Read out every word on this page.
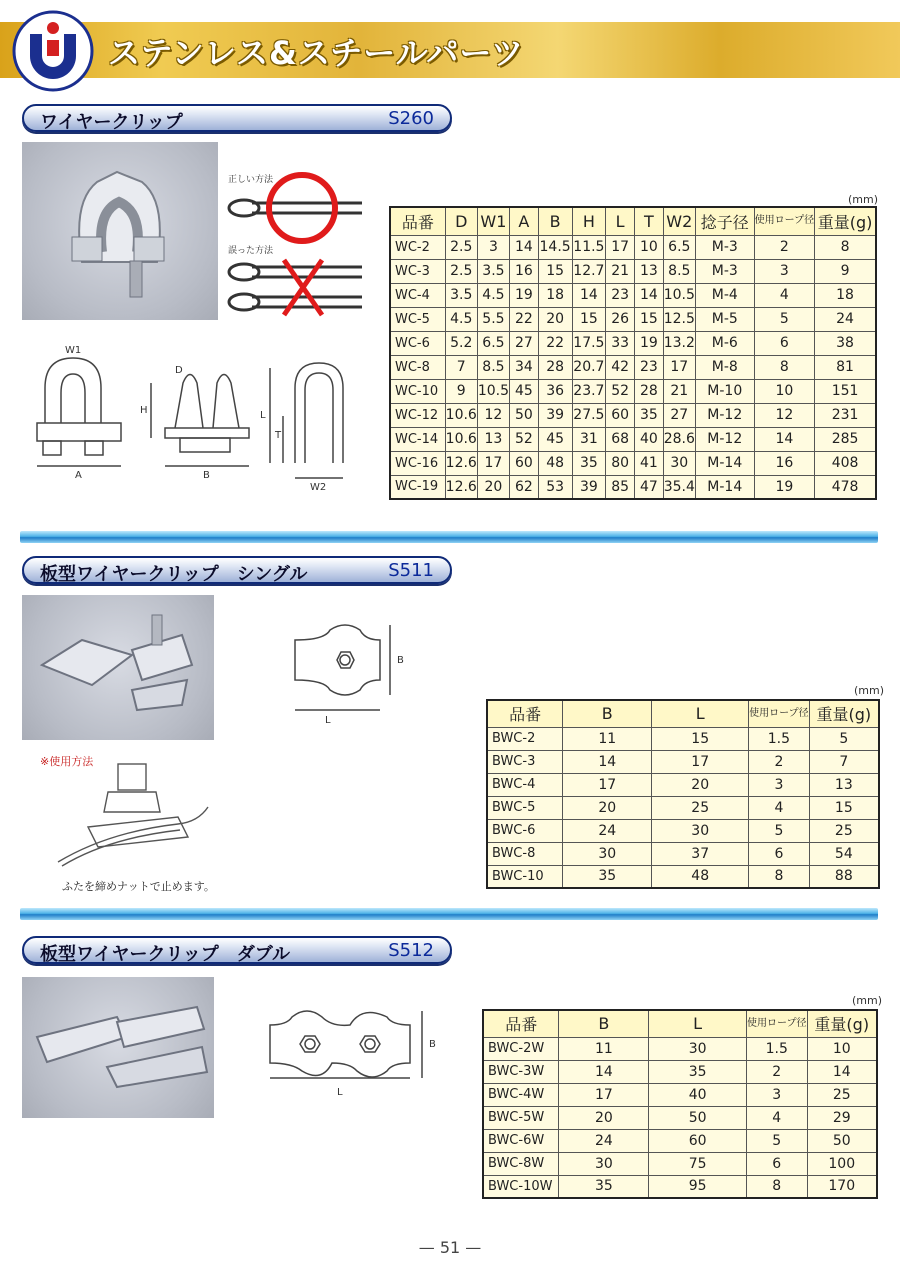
ステンレス&スチールパーツ
ワイヤークリップ	S260
正しい方法
誤った方法
W1
A
D
H
B
L
T
W2
(mm)
品番	D	W1	A	B	H	L	T	W2	捻子径	使用ロープ径	重量(g)
WC-2	2.5	3	14	14.5	11.5	17	10	6.5	M-3	2	8
WC-3	2.5	3.5	16	15	12.7	21	13	8.5	M-3	3	9
WC-4	3.5	4.5	19	18	14	23	14	10.5	M-4	4	18
WC-5	4.5	5.5	22	20	15	26	15	12.5	M-5	5	24
WC-6	5.2	6.5	27	22	17.5	33	19	13.2	M-6	6	38
WC-8	7	8.5	34	28	20.7	42	23	17	M-8	8	81
WC-10	9	10.5	45	36	23.7	52	28	21	M-10	10	151
WC-12	10.6	12	50	39	27.5	60	35	27	M-12	12	231
WC-14	10.6	13	52	45	31	68	40	28.6	M-12	14	285
WC-16	12.6	17	60	48	35	80	41	30	M-14	16	408
WC-19	12.6	20	62	53	39	85	47	35.4	M-14	19	478
板型ワイヤークリップ　シングル	S511
B
L
※使用方法
ふたを締めナットで止めます。
(mm)
品番	B	L	使用ロープ径	重量(g)
BWC-2	11	15	1.5	5
BWC-3	14	17	2	7
BWC-4	17	20	3	13
BWC-5	20	25	4	15
BWC-6	24	30	5	25
BWC-8	30	37	6	54
BWC-10	35	48	8	88
板型ワイヤークリップ　ダブル	S512
B
L
(mm)
品番	B	L	使用ロープ径	重量(g)
BWC-2W	11	30	1.5	10
BWC-3W	14	35	2	14
BWC-4W	17	40	3	25
BWC-5W	20	50	4	29
BWC-6W	24	60	5	50
BWC-8W	30	75	6	100
BWC-10W	35	95	8	170
— 51 —
